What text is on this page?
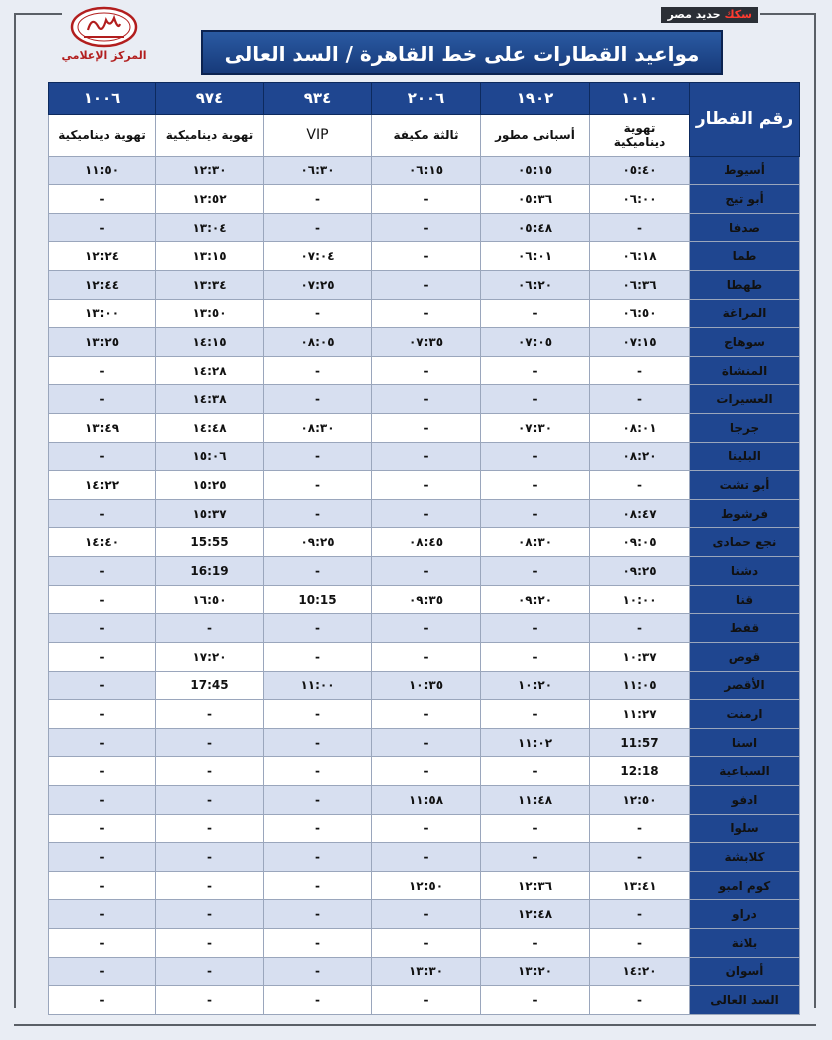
المركز الإعلامي
سككحديد مصر
مواعيد القطارات على خط القاهرة / السد العالى
١٠٠٦	٩٧٤	٩٣٤	٢٠٠٦	١٩٠٢	١٠١٠	رقم القطار
تهوية ديناميكية	تهوية ديناميكية	VIP	ثالثة مكيفة	أسبانى مطور	تهوية ديناميكية	
١١:٥٠	١٢:٣٠	٠٦:٣٠	٠٦:١٥	٠٥:١٥	٠٥:٤٠	أسيوط
-	١٢:٥٢	-	-	٠٥:٣٦	٠٦:٠٠	أبو تيج
-	١٣:٠٤	-	-	٠٥:٤٨	-	صدفا
١٢:٢٤	١٣:١٥	٠٧:٠٤	-	٠٦:٠١	٠٦:١٨	طما
١٢:٤٤	١٣:٣٤	٠٧:٢٥	-	٠٦:٢٠	٠٦:٣٦	طهطا
١٣:٠٠	١٣:٥٠	-	-	-	٠٦:٥٠	المراغة
١٣:٢٥	١٤:١٥	٠٨:٠٥	٠٧:٣٥	٠٧:٠٥	٠٧:١٥	سوهاج
-	١٤:٢٨	-	-	-	-	المنشاة
-	١٤:٣٨	-	-	-	-	العسيرات
١٣:٤٩	١٤:٤٨	٠٨:٣٠	-	٠٧:٣٠	٠٨:٠١	جرجا
-	١٥:٠٦	-	-	-	٠٨:٢٠	البلينا
١٤:٢٢	١٥:٢٥	-	-	-	-	أبو تشت
-	١٥:٣٧	-	-	-	٠٨:٤٧	فرشوط
١٤:٤٠	15:55	٠٩:٢٥	٠٨:٤٥	٠٨:٣٠	٠٩:٠٥	نجع حمادى
-	16:19	-	-	-	٠٩:٢٥	دشنا
-	١٦:٥٠	10:15	٠٩:٣٥	٠٩:٢٠	١٠:٠٠	قنا
-	-	-	-	-	-	قفط
-	١٧:٢٠	-	-	-	١٠:٣٧	قوص
-	17:45	١١:٠٠	١٠:٣٥	١٠:٢٠	١١:٠٥	الأقصر
-	-	-	-	-	١١:٢٧	ارمنت
-	-	-	-	١١:٠٢	11:57	اسنا
-	-	-	-	-	12:18	السباعية
-	-	-	١١:٥٨	١١:٤٨	١٢:٥٠	ادفو
-	-	-	-	-	-	سلوا
-	-	-	-	-	-	كلابشة
-	-	-	١٢:٥٠	١٢:٣٦	١٣:٤١	كوم امبو
-	-	-	-	١٢:٤٨	-	دراو
-	-	-	-	-	-	بلانة
-	-	-	١٣:٣٠	١٣:٢٠	١٤:٢٠	أسوان
-	-	-	-	-	-	السد العالى
